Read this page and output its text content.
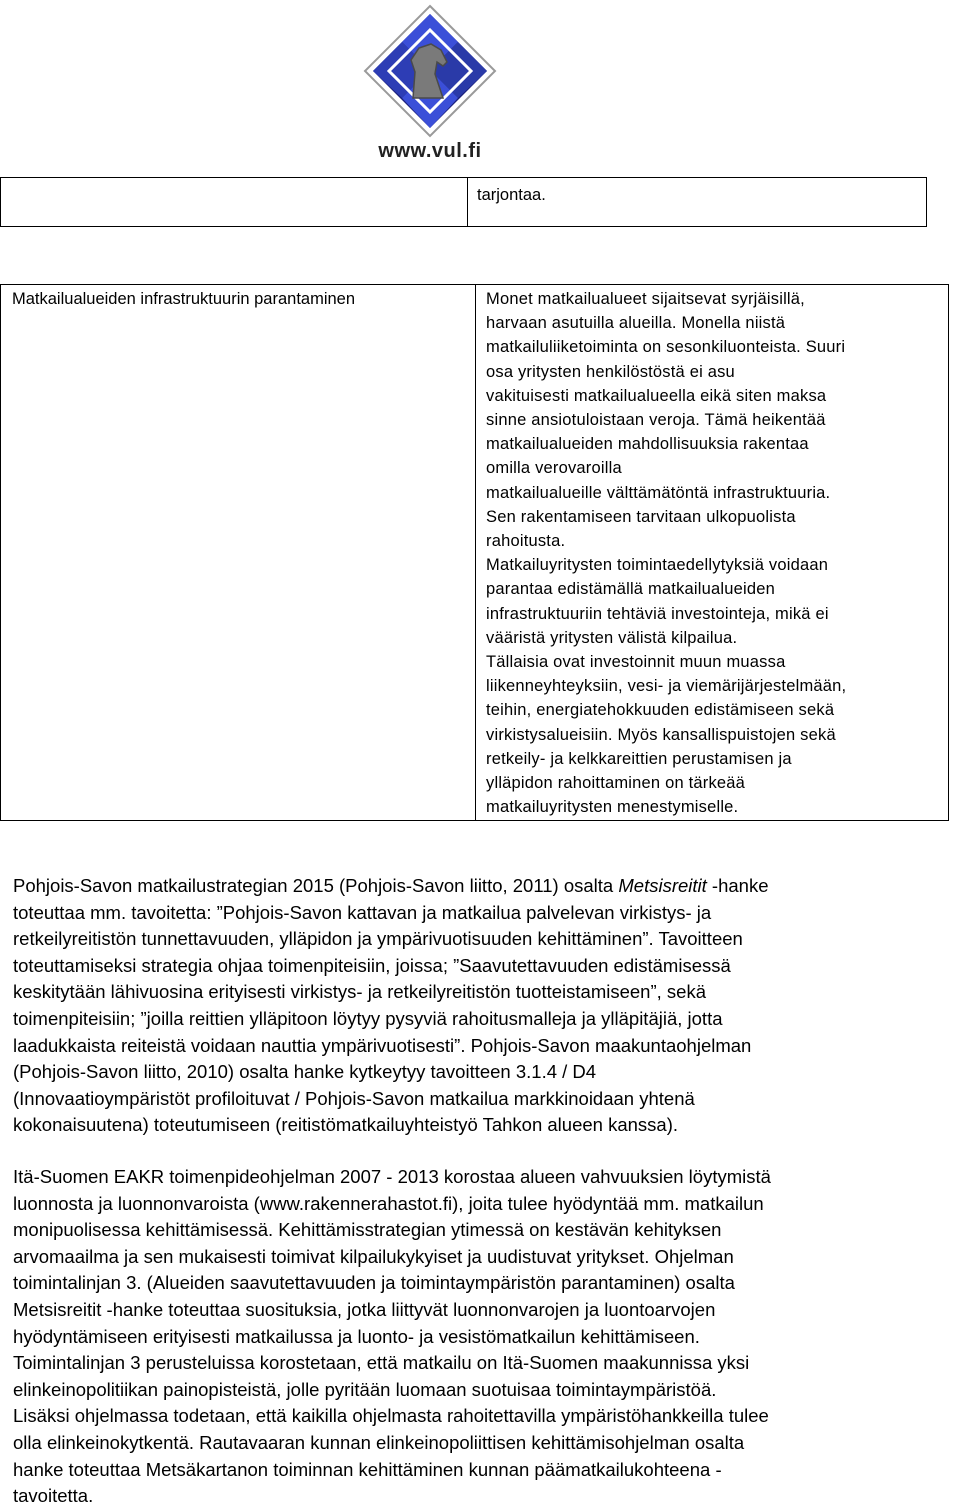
www.vul.fi

tarjontaa.
Matkailualueiden infrastruktuurin parantaminen	Monet matkailualueet sijaitsevat syrjäisillä,
harvaan asutuilla alueilla. Monella niistä
matkailuliiketoiminta on sesonkiluonteista. Suuri
osa yritysten henkilöstöstä ei asu
vakituisesti matkailualueella eikä siten maksa
sinne ansiotuloistaan veroja. Tämä heikentää
matkailualueiden mahdollisuuksia rakentaa
omilla verovaroilla
matkailualueille välttämätöntä infrastruktuuria.
Sen rakentamiseen tarvitaan ulkopuolista
rahoitusta.
Matkailuyritysten toimintaedellytyksiä voidaan
parantaa edistämällä matkailualueiden
infrastruktuuriin tehtäviä investointeja, mikä ei
vääristä yritysten välistä kilpailua.
Tällaisia ovat investoinnit muun muassa
liikenneyhteyksiin, vesi- ja viemärijärjestelmään,
teihin, energiatehokkuuden edistämiseen sekä
virkistysalueisiin. Myös kansallispuistojen sekä
retkeily- ja kelkkareittien perustamisen ja
ylläpidon rahoittaminen on tärkeää
matkailuyritysten menestymiselle.
Pohjois-Savon matkailustrategian 2015 (Pohjois-Savon liitto, 2011) osalta Metsisreitit -hanke
toteuttaa mm. tavoitetta: ”Pohjois-Savon kattavan ja matkailua palvelevan virkistys- ja
retkeilyreitistön tunnettavuuden, ylläpidon ja ympärivuotisuuden kehittäminen”. Tavoitteen
toteuttamiseksi strategia ohjaa toimenpiteisiin, joissa; ”Saavutettavuuden edistämisessä
keskitytään lähivuosina erityisesti virkistys- ja retkeilyreitistön tuotteistamiseen”, sekä
toimenpiteisiin; ”joilla reittien ylläpitoon löytyy pysyviä rahoitusmalleja ja ylläpitäjiä, jotta
laadukkaista reiteistä voidaan nauttia ympärivuotisesti”. Pohjois-Savon maakuntaohjelman
(Pohjois-Savon liitto, 2010) osalta hanke kytkeytyy tavoitteen 3.1.4 / D4
(Innovaatioympäristöt profiloituvat / Pohjois-Savon matkailua markkinoidaan yhtenä
kokonaisuutena) toteutumiseen (reitistömatkailuyhteistyö Tahkon alueen kanssa).
Itä-Suomen EAKR toimenpideohjelman 2007 - 2013 korostaa alueen vahvuuksien löytymistä
luonnosta ja luonnonvaroista (www.rakennerahastot.fi), joita tulee hyödyntää mm. matkailun
monipuolisessa kehittämisessä. Kehittämisstrategian ytimessä on kestävän kehityksen
arvomaailma ja sen mukaisesti toimivat kilpailukykyiset ja uudistuvat yritykset. Ohjelman
toimintalinjan 3. (Alueiden saavutettavuuden ja toimintaympäristön parantaminen) osalta
Metsisreitit -hanke toteuttaa suosituksia, jotka liittyvät luonnonvarojen ja luontoarvojen
hyödyntämiseen erityisesti matkailussa ja luonto- ja vesistömatkailun kehittämiseen.
Toimintalinjan 3 perusteluissa korostetaan, että matkailu on Itä-Suomen maakunnissa yksi
elinkeinopolitiikan painopisteistä, jolle pyritään luomaan suotuisaa toimintaympäristöä.
Lisäksi ohjelmassa todetaan, että kaikilla ohjelmasta rahoitettavilla ympäristöhankkeilla tulee
olla elinkeinokytkentä. Rautavaaran kunnan elinkeinopoliittisen kehittämisohjelman osalta
hanke toteuttaa Metsäkartanon toiminnan kehittäminen kunnan päämatkailukohteena -
tavoitetta.
